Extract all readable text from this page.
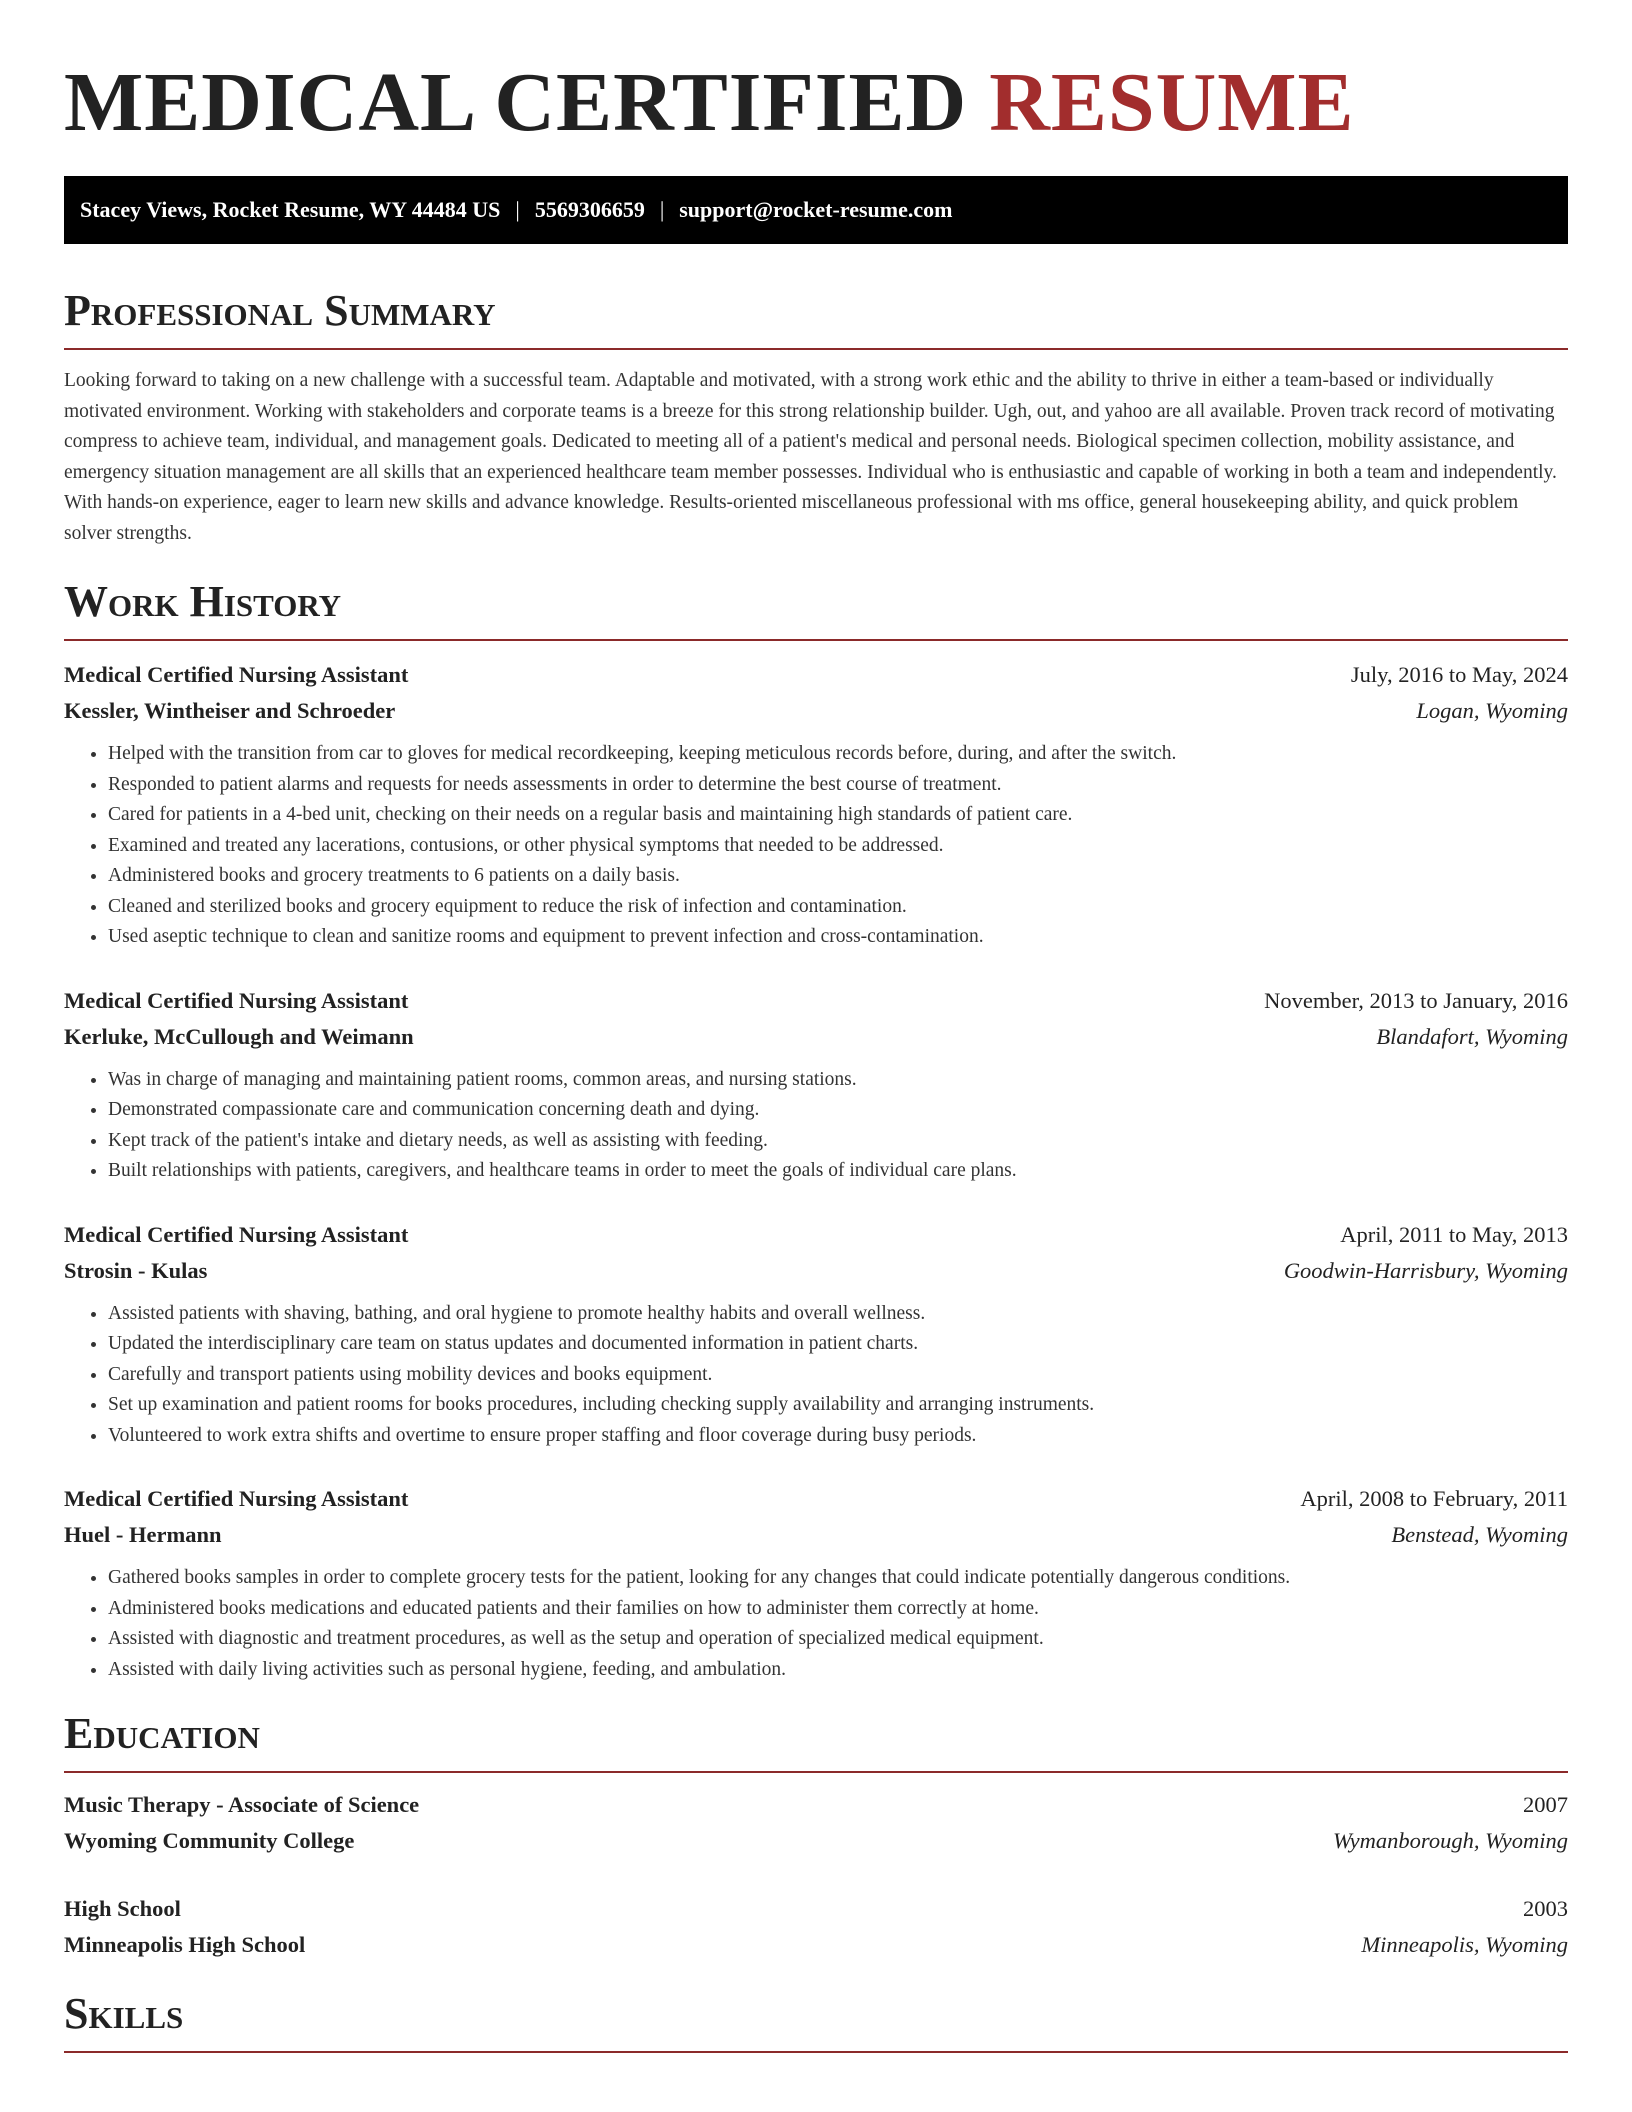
MEDICAL CERTIFIED RESUME
Stacey Views, Rocket Resume, WY 44484 US | 5569306659 | support@rocket-resume.com
Professional Summary

Looking forward to taking on a new challenge with a successful team. Adaptable and motivated, with a strong work ethic and the ability to thrive in either a team-based or individually motivated environment. Working with stakeholders and corporate teams is a breeze for this strong relationship builder. Ugh, out, and yahoo are all available. Proven track record of motivating compress to achieve team, individual, and management goals. Dedicated to meeting all of a patient's medical and personal needs. Biological specimen collection, mobility assistance, and emergency situation management are all skills that an experienced healthcare team member possesses. Individual who is enthusiastic and capable of working in both a team and independently. With hands-on experience, eager to learn new skills and advance knowledge. Results-oriented miscellaneous professional with ms office, general housekeeping ability, and quick problem solver strengths.

Work History
Medical Certified Nursing Assistant	July, 2016 to May, 2024
Kessler, Wintheiser and Schroeder	Logan, Wyoming
• Helped with the transition from car to gloves for medical recordkeeping, keeping meticulous records before, during, and after the switch.
• Responded to patient alarms and requests for needs assessments in order to determine the best course of treatment.
• Cared for patients in a 4-bed unit, checking on their needs on a regular basis and maintaining high standards of patient care.
• Examined and treated any lacerations, contusions, or other physical symptoms that needed to be addressed.
• Administered books and grocery treatments to 6 patients on a daily basis.
• Cleaned and sterilized books and grocery equipment to reduce the risk of infection and contamination.
• Used aseptic technique to clean and sanitize rooms and equipment to prevent infection and cross-contamination.
Medical Certified Nursing Assistant	November, 2013 to January, 2016
Kerluke, McCullough and Weimann	Blandafort, Wyoming
• Was in charge of managing and maintaining patient rooms, common areas, and nursing stations.
• Demonstrated compassionate care and communication concerning death and dying.
• Kept track of the patient's intake and dietary needs, as well as assisting with feeding.
• Built relationships with patients, caregivers, and healthcare teams in order to meet the goals of individual care plans.
Medical Certified Nursing Assistant	April, 2011 to May, 2013
Strosin - Kulas	Goodwin-Harrisbury, Wyoming
• Assisted patients with shaving, bathing, and oral hygiene to promote healthy habits and overall wellness.
• Updated the interdisciplinary care team on status updates and documented information in patient charts.
• Carefully and transport patients using mobility devices and books equipment.
• Set up examination and patient rooms for books procedures, including checking supply availability and arranging instruments.
• Volunteered to work extra shifts and overtime to ensure proper staffing and floor coverage during busy periods.
Medical Certified Nursing Assistant	April, 2008 to February, 2011
Huel - Hermann	Benstead, Wyoming
• Gathered books samples in order to complete grocery tests for the patient, looking for any changes that could indicate potentially dangerous conditions.
• Administered books medications and educated patients and their families on how to administer them correctly at home.
• Assisted with diagnostic and treatment procedures, as well as the setup and operation of specialized medical equipment.
• Assisted with daily living activities such as personal hygiene, feeding, and ambulation.
Education
Music Therapy - Associate of Science	2007
Wyoming Community College	Wymanborough, Wyoming
High School	2003
Minneapolis High School	Minneapolis, Wyoming
Skills
